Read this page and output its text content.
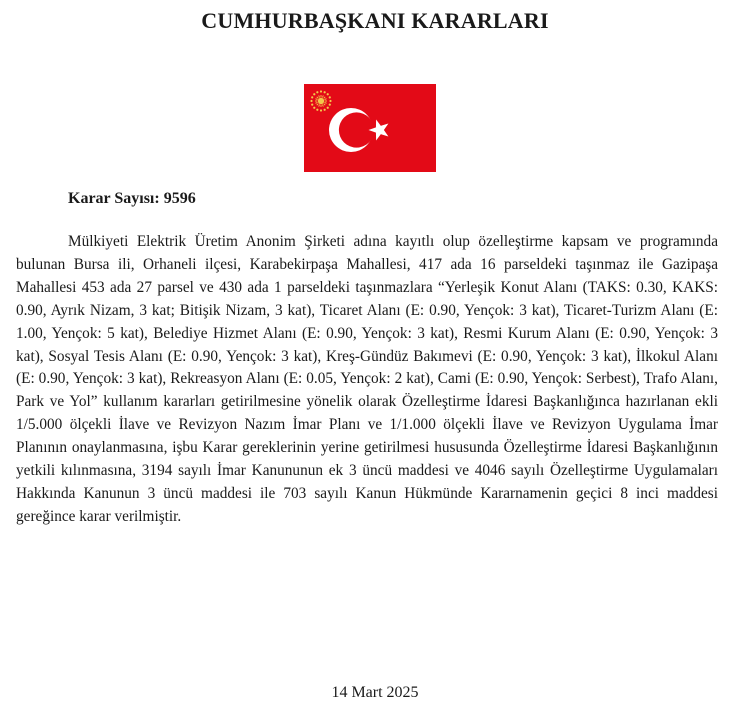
CUMHURBAŞKANI KARARLARI

Karar Sayısı: 9596

Mülkiyeti Elektrik Üretim Anonim Şirketi adına kayıtlı olup özelleştirme kapsam ve programında bulunan Bursa ili, Orhaneli ilçesi, Karabekirpaşa Mahallesi, 417 ada 16 parseldeki taşınmaz ile Gazipaşa Mahallesi 453 ada 27 parsel ve 430 ada 1 parseldeki taşınmazlara “Yerleşik Konut Alanı (TAKS: 0.30, KAKS: 0.90, Ayrık Nizam, 3 kat; Bitişik Nizam, 3 kat), Ticaret Alanı (E: 0.90, Yençok: 3 kat), Ticaret-Turizm Alanı (E: 1.00, Yençok: 5 kat), Belediye Hizmet Alanı (E: 0.90, Yençok: 3 kat), Resmi Kurum Alanı (E: 0.90, Yençok: 3 kat), Sosyal Tesis Alanı (E: 0.90, Yençok: 3 kat), Kreş-Gündüz Bakımevi (E: 0.90, Yençok: 3 kat), İlkokul Alanı (E: 0.90, Yençok: 3 kat), Rekreasyon Alanı (E: 0.05, Yençok: 2 kat), Cami (E: 0.90, Yençok: Serbest), Trafo Alanı, Park ve Yol” kullanım kararları getirilmesine yönelik olarak Özelleştirme İdaresi Başkanlığınca hazırlanan ekli 1/5.000 ölçekli İlave ve Revizyon Nazım İmar Planı ve 1/1.000 ölçekli İlave ve Revizyon Uygulama İmar Planının onaylanmasına, işbu Karar gereklerinin yerine getirilmesi hususunda Özelleştirme İdaresi Başkanlığının yetkili kılınmasına, 3194 sayılı İmar Kanununun ek 3 üncü maddesi ve 4046 sayılı Özelleştirme Uygulamaları Hakkında Kanunun 3 üncü maddesi ile 703 sayılı Kanun Hükmünde Kararnamenin geçici 8 inci maddesi gereğince karar verilmiştir.

14 Mart 2025
